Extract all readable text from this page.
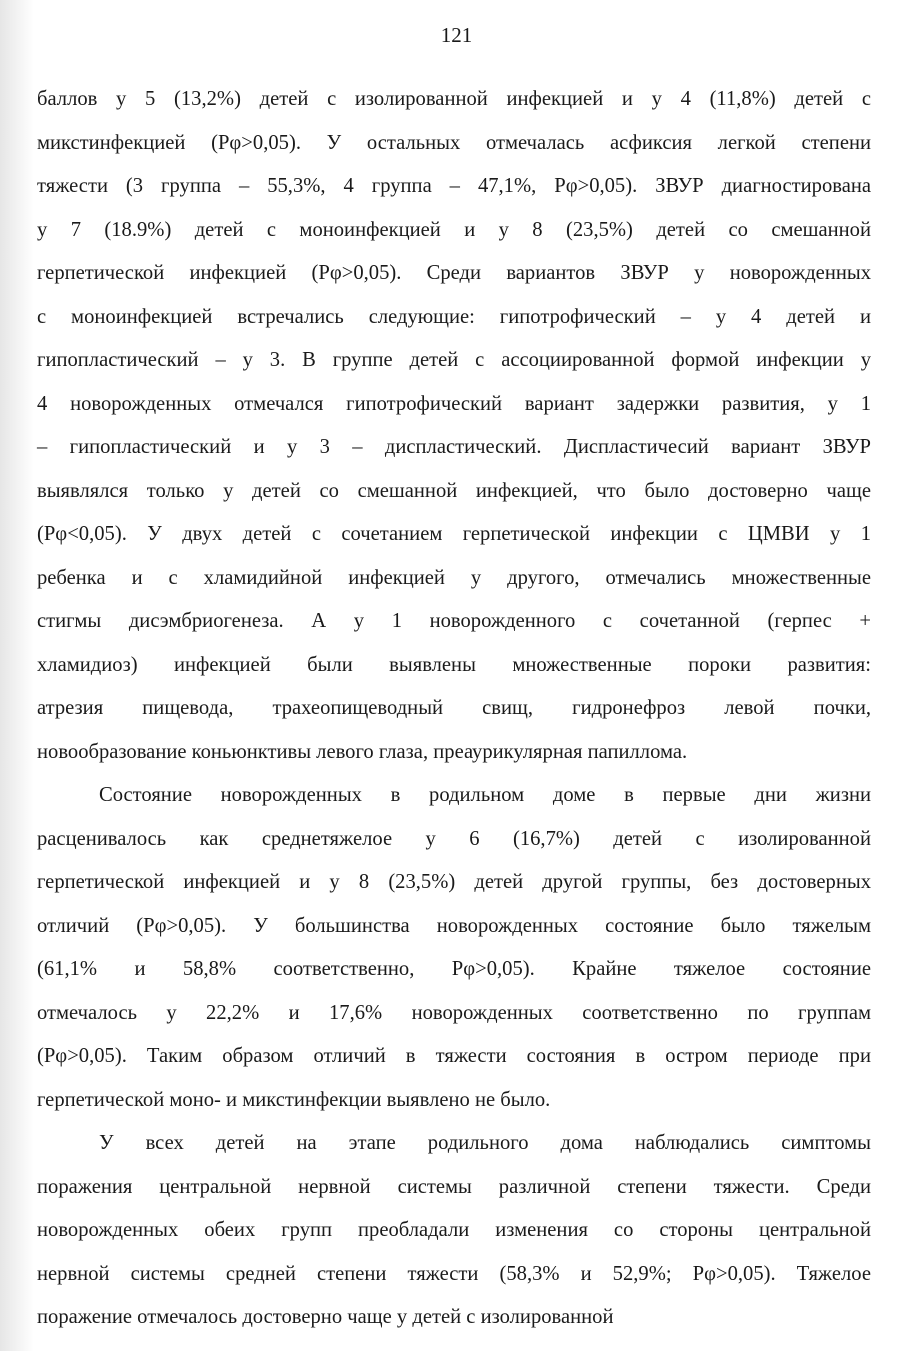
121

баллов у 5 (13,2%) детей с изолированной инфекцией и у 4 (11,8%) детей с
микстинфекцией (Рφ>0,05). У остальных отмечалась асфиксия легкой степени
тяжести (3 группа – 55,3%, 4 группа – 47,1%, Рφ>0,05). ЗВУР диагностирована
у 7 (18.9%) детей с моноинфекцией и у 8 (23,5%) детей со смешанной
герпетической инфекцией (Рφ>0,05). Среди вариантов ЗВУР у новорожденных
с моноинфекцией встречались следующие: гипотрофический – у 4 детей и
гипопластический – у 3. В группе детей с ассоциированной формой инфекции у
4 новорожденных отмечался гипотрофический вариант задержки развития, у 1
– гипопластический и у 3 – диспластический. Диспластичесий вариант ЗВУР
выявлялся только у детей со смешанной инфекцией, что было достоверно чаще
(Рφ<0,05). У двух детей с сочетанием герпетической инфекции с ЦМВИ у 1
ребенка и с хламидийной инфекцией у другого, отмечались множественные
стигмы дисэмбриогенеза. А у 1 новорожденного с сочетанной (герпес +
хламидиоз) инфекцией были выявлены множественные пороки развития:
атрезия пищевода, трахеопищеводный свищ, гидронефроз левой почки,
новообразование коньюнктивы левого глаза, преаурикулярная папиллома.

Состояние новорожденных в родильном доме в первые дни жизни
расценивалось как среднетяжелое у 6 (16,7%) детей с изолированной
герпетической инфекцией и у 8 (23,5%) детей другой группы, без достоверных
отличий (Рφ>0,05). У большинства новорожденных состояние было тяжелым
(61,1% и 58,8% соответственно, Рφ>0,05). Крайне тяжелое состояние
отмечалось у 22,2% и 17,6% новорожденных соответственно по группам
(Рφ>0,05). Таким образом отличий в тяжести состояния в остром периоде при
герпетической моно- и микстинфекции выявлено не было.

У всех детей на этапе родильного дома наблюдались симптомы
поражения центральной нервной системы различной степени тяжести. Среди
новорожденных обеих групп преобладали изменения со стороны центральной
нервной системы средней степени тяжести (58,3% и 52,9%; Рφ>0,05). Тяжелое
поражение отмечалось достоверно чаще у детей с изолированной
